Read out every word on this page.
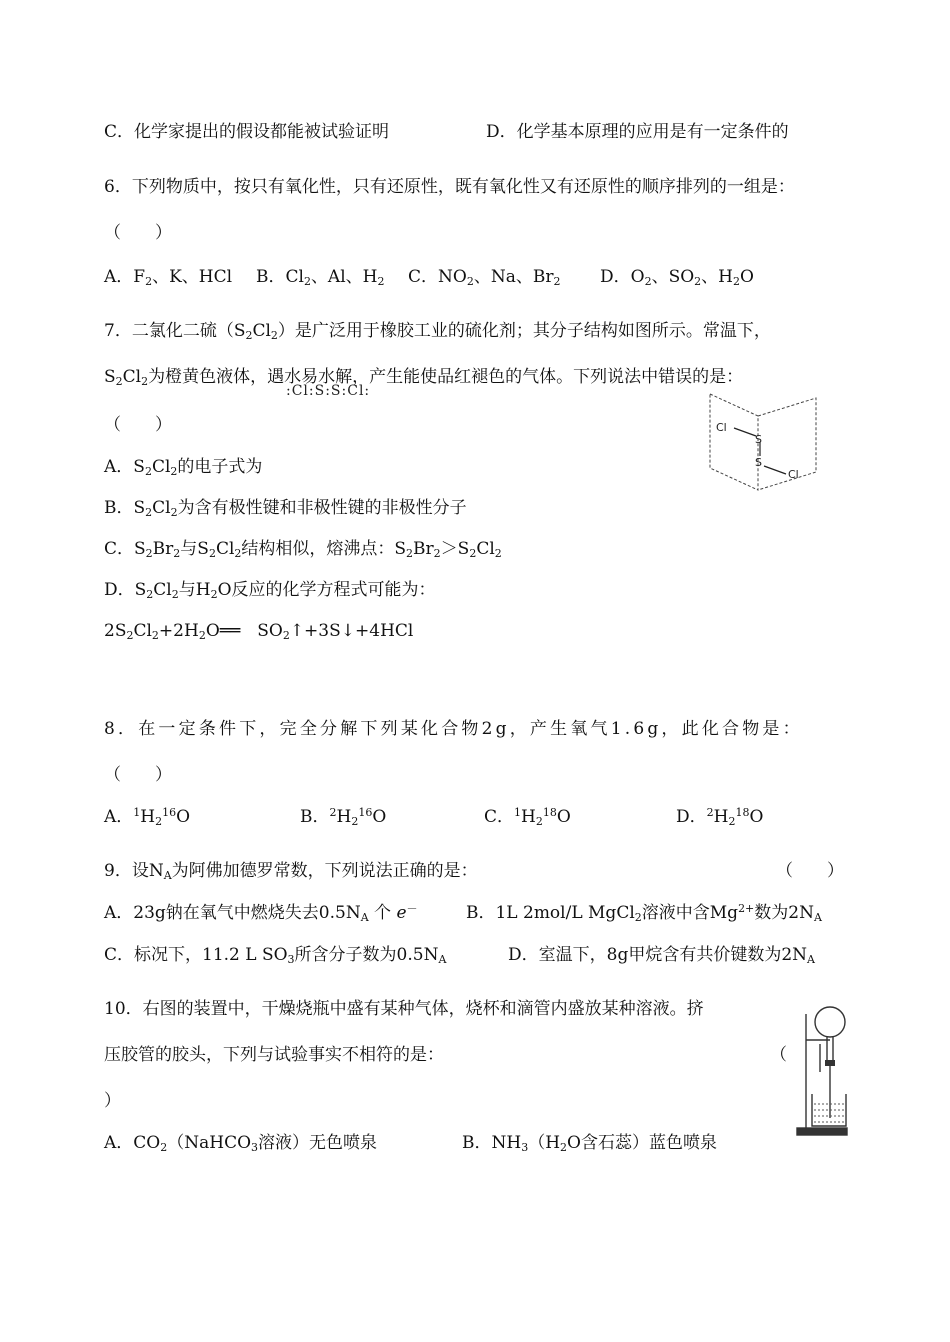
C．化学家提出的假设都能被试验证明	D．化学基本原理的应用是有一定条件的
6．下列物质中，按只有氧化性，只有还原性，既有氧化性又有还原性的顺序排列的一组是：
（　　）
A．$F_2$、K、HCl B．$Cl_2$、Al、$H_2$ C．$NO_2$、Na、$Br_2$ D．$O_2$、$SO_2$、$H_2O$
7．二氯化二硫$(S_2Cl_2)$是广泛用于橡胶工业的硫化剂；其分子结构如图所示。常温下，
$S_2Cl_2$为橙黄色液体，遇水易水解，产生能使品红褪色的气体。下列说法中错误的是：
:Cl:S:S:Cl:
（　　）
A．$S_2Cl_2$的电子式为
B．$S_2Cl_2$为含有极性键和非极性键的非极性分子
C．$S_2Br_2$与$S_2Cl_2$结构相似，熔沸点：$S_2Br_2>S_2Cl_2$
D．$S_2Cl_2$与$H_2O$反应的化学方程式可能为：
$2S_2Cl_2+2H_2O══$　$SO_2↑+3S↓+4HCl$
Cl
S
S
Cl
8．在一定条件下，完全分解下列某化合物2g，产生氧气1.6g，此化合物是：
（　　）
A．$^1H_2^{16}O$	B．$^2H_2^{16}O$	C．$^1H_2^{18}O$	D．$^2H_2^{18}O$
9．设$N_A$为阿佛加德罗常数，下列说法正确的是：	（　　）
A．23g钠在氧气中燃烧失去$0.5N_A$ 个 e－	B．1L 2mol/L MgCl$_2$溶液中含$Mg^{2+}$数为$2N_A$
C．标况下，11.2 L $SO_3$所含分子数为$0.5N_A$	D．室温下，8g甲烷含有共价键数为$2N_A$
10．右图的装置中，干燥烧瓶中盛有某种气体，烧杯和滴管内盛放某种溶液。挤
压胶管的胶头，下列与试验事实不相符的是：	（
）
A．$CO_2(NaHCO_3$溶液）无色喷泉	B．$NH_3(H_2O$含石蕊）蓝色喷泉
